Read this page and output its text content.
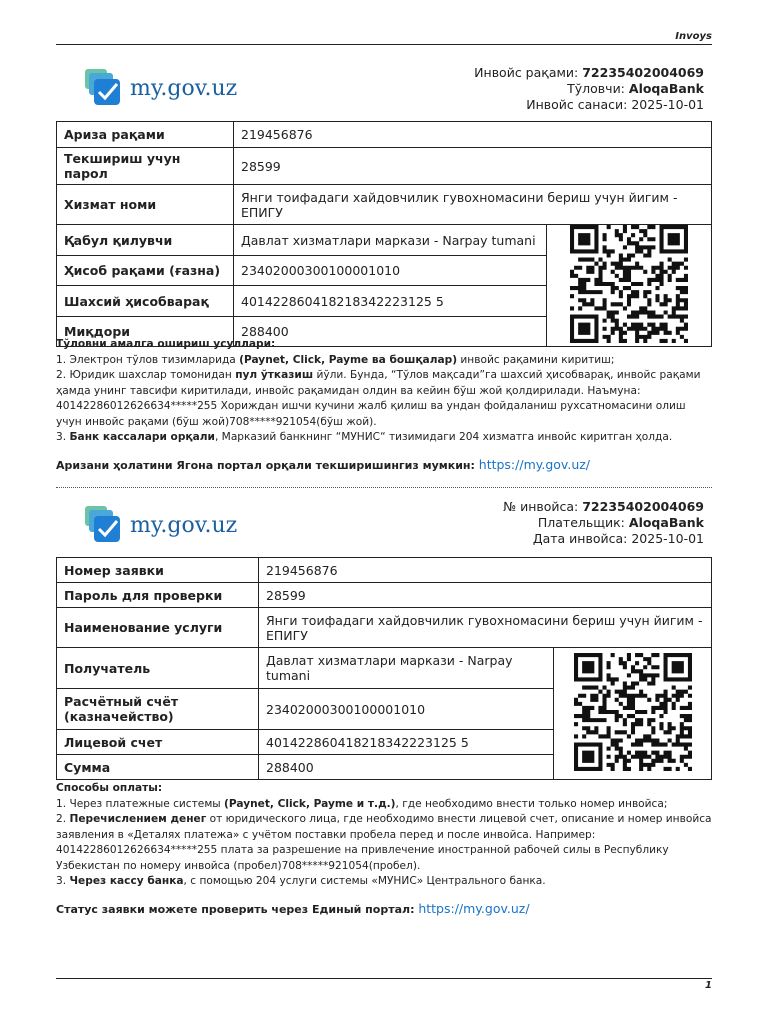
Invoys
my.gov.uz
Инвойс рақами: 72235402004069
Тўловчи: AloqaBank
Инвойс санаси: 2025-10-01
Ариза рақами	219456876	
Текшириш учун парол	28599	
Хизмат номи	Янги тоифадаги хайдовчилик гувохномасини бериш учун йигим - ЕПИГУ	
Қабул қилувчи	Давлат хизматлари маркази - Narpay tumani	
Ҳисоб рақами (ғазна)	23402000300100001010	
Шахсий ҳисобварақ	401422860418218342223125 5	
Миқдори	288400	

Тўловни амалга ошириш усуллари:

1. Электрон тўлов тизимларида (Paynet, Click, Payme ва бошқалар) инвойс рақамини киритиш;

2. Юридик шахслар томонидан пул ўтказиш йўли. Бунда, “Тўлов мақсади”га шахсий ҳисобварақ, инвойс рақами ҳамда унинг тавсифи киритилади, инвойс рақамидан олдин ва кейин бўш жой қолдирилади. Наъмуна: 40142286012626634*****255 Хориждан ишчи кучини жалб қилиш ва ундан фойдаланиш рухсатномасини олиш учун инвойс рақами (бўш жой)708*****921054(бўш жой).

3. Банк кассалари орқали, Марказий банкнинг “МУНИС“ тизимидаги 204 хизматга инвойс киритган ҳолда.

Аризани ҳолатини Ягона портал орқали текширишингиз мумкин: https://my.gov.uz/
my.gov.uz
№ инвойса: 72235402004069
Плательщик: AloqaBank
Дата инвойса: 2025-10-01
Номер заявки	219456876	
Пароль для проверки	28599	
Наименование услуги	Янги тоифадаги хайдовчилик гувохномасини бериш учун йигим - ЕПИГУ	
Получатель	Давлат хизматлари маркази - Narpay tumani	
Расчётный счёт (казначейство)	23402000300100001010	
Лицевой счет	401422860418218342223125 5	
Сумма	288400	

Способы оплаты:

1. Через платежные системы (Paynet, Click, Payme и т.д.), где необходимо внести только номер инвойса;

2. Перечислением денег от юридического лица, где необходимо внести лицевой счет, описание и номер инвойса заявления в «Деталях платежа» с учётом поставки пробела перед и после инвойса. Например: 40142286012626634*****255 плата за разрешение на привлечение иностранной рабочей силы в Республику Узбекистан по номеру инвойса (пробел)708*****921054(пробел).

3. Через кассу банка, с помощью 204 услуги системы «МУНИС» Центрального банка.

Статус заявки можете проверить через Единый портал: https://my.gov.uz/
1
